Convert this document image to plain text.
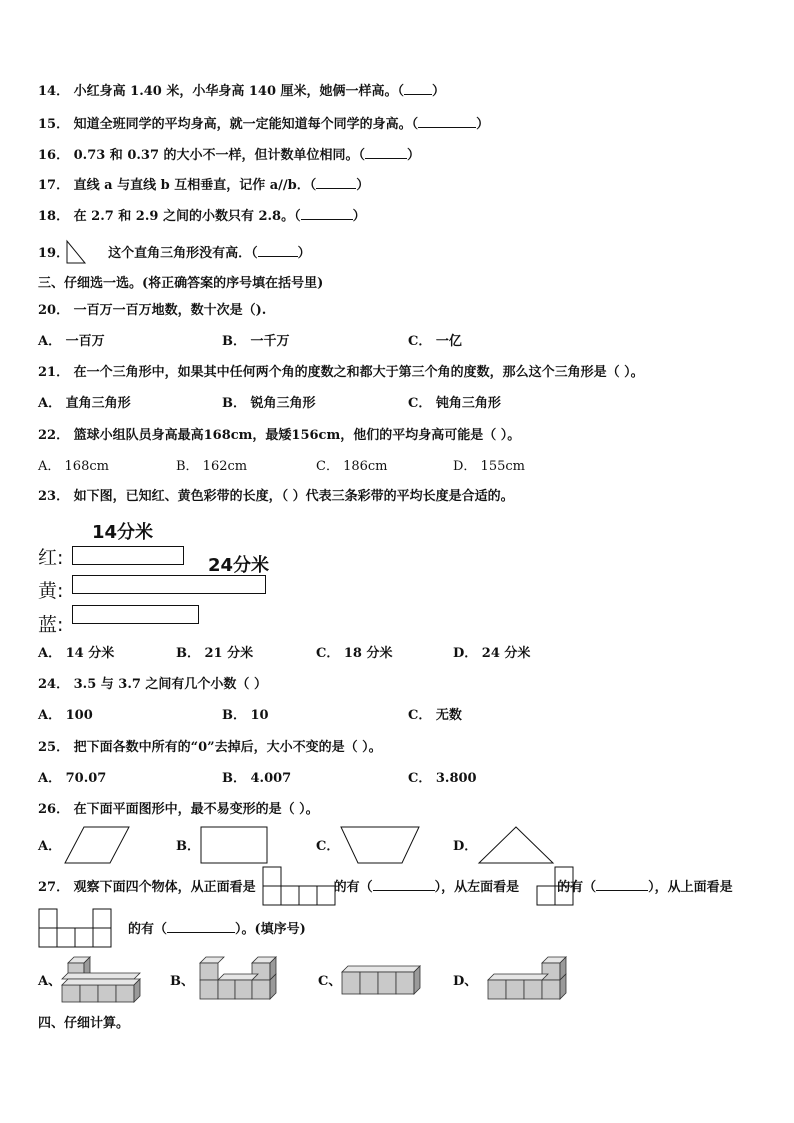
14． 小红身高 1.40 米，小华身高 140 厘米，她俩一样高。（ ）
15． 知道全班同学的平均身高，就一定能知道每个同学的身高。（	）
16． 0.73 和 0.37 的大小不一样，但计数单位相同。（	）
17． 直线 a 与直线 b 互相垂直，记作 a//b．（	）
18． 在 2.7 和 2.9 之间的小数只有 2.8。（	）
19．	这个直角三角形没有高．（	）
三、仔细选一选。(将正确答案的序号填在括号里)
20． 一百万一百万地数，数十次是（).
A． 一百万	B． 一千万	C． 一亿
21． 在一个三角形中，如果其中任何两个角的度数之和都大于第三个角的度数，那么这个三角形是（ ）。
A． 直角三角形	B． 锐角三角形	C． 钝角三角形
22． 篮球小组队员身高最高168cm，最矮156cm，他们的平均身高可能是（ ）。
A． 168cm	B． 162cm	C． 186cm	D． 155cm
23． 如下图，已知红、黄色彩带的长度，（ ）代表三条彩带的平均长度是合适的。
14分米
24分米
红:
黄:
蓝:
A． 14 分米	B． 21 分米	C． 18 分米	D． 24 分米
24． 3.5 与 3.7 之间有几个小数（ ）
A． 100	B． 10	C． 无数
25． 把下面各数中所有的“0”去掉后，大小不变的是（ ）。
A． 70.07	B． 4.007	C． 3.800
26． 在下面平面图形中，最不易变形的是（ ）。
A．	B．	C．	D．
27． 观察下面四个物体，从正面看是	的有（	），从左面看是	的有（	），从上面看是
的有（	）。(填序号)
A、	B、	C、	D、
四、仔细计算。
